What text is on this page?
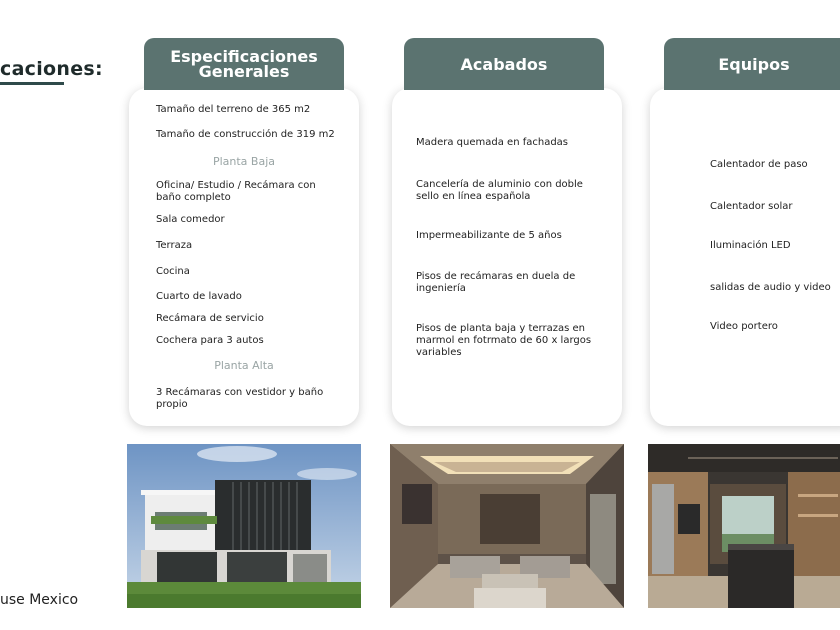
caciones:
use Mexico
Especificaciones Generales
Tamaño del terreno de 365 m2
Tamaño de construcción de 319 m2
Planta Baja
Oficina/ Estudio / Recámara con baño completo
Sala comedor
Terraza
Cocina
Cuarto de lavado
Recámara de servicio
Cochera para 3 autos
Planta Alta
3 Recámaras con vestidor y baño propio
Acabados
Madera quemada en fachadas
Cancelería de aluminio con doble sello en línea española
Impermeabilizante de 5 años
Pisos de recámaras en duela de ingeniería
Pisos de planta baja y terrazas en marmol en fotrmato de 60 x largos variables
Equipos
Calentador de paso
Calentador solar
Iluminación LED
salidas de audio y video
Video portero
